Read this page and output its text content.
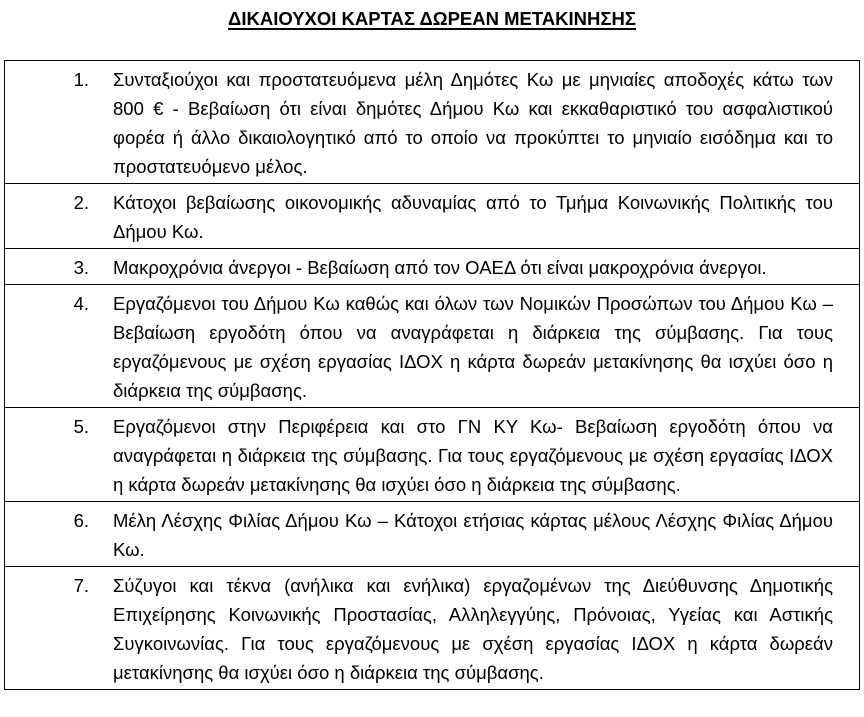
ΔΙΚΑΙΟΥΧΟΙ ΚΑΡΤΑΣ ΔΩΡΕΑΝ ΜΕΤΑΚΙΝΗΣΗΣ
1. Συνταξιούχοι και προστατευόμενα μέλη Δημότες Κω με μηνιαίες αποδοχές κάτω των 800 € - Βεβαίωση ότι είναι δημότες Δήμου Κω και εκκαθαριστικό του ασφαλιστικού φορέα ή άλλο δικαιολογητικό από το οποίο να προκύπτει το μηνιαίο εισόδημα και το προστατευόμενο μέλος.

2. Κάτοχοι βεβαίωσης οικονομικής αδυναμίας από το Τμήμα Κοινωνικής Πολιτικής του Δήμου Κω.

3. Μακροχρόνια άνεργοι - Βεβαίωση από τον ΟΑΕΔ ότι είναι μακροχρόνια άνεργοι.

4. Εργαζόμενοι του Δήμου Κω καθώς και όλων των Νομικών Προσώπων του Δήμου Κω – Βεβαίωση εργοδότη όπου να αναγράφεται η διάρκεια της σύμβασης. Για τους εργαζόμενους με σχέση εργασίας ΙΔΟΧ η κάρτα δωρεάν μετακίνησης θα ισχύει όσο η διάρκεια της σύμβασης.

5. Εργαζόμενοι στην Περιφέρεια και στο ΓΝ ΚΥ Κω- Βεβαίωση εργοδότη όπου να αναγράφεται η διάρκεια της σύμβασης. Για τους εργαζόμενους με σχέση εργασίας ΙΔΟΧ η κάρτα δωρεάν μετακίνησης θα ισχύει όσο η διάρκεια της σύμβασης.

6. Μέλη Λέσχης Φιλίας Δήμου Κω – Κάτοχοι ετήσιας κάρτας μέλους Λέσχης Φιλίας Δήμου Κω.

7. Σύζυγοι και τέκνα (ανήλικα και ενήλικα) εργαζομένων της Διεύθυνσης Δημοτικής Επιχείρησης Κοινωνικής Προστασίας, Αλληλεγγύης, Πρόνοιας, Υγείας και Αστικής Συγκοινωνίας. Για τους εργαζόμενους με σχέση εργασίας ΙΔΟΧ η κάρτα δωρεάν μετακίνησης θα ισχύει όσο η διάρκεια της σύμβασης.
